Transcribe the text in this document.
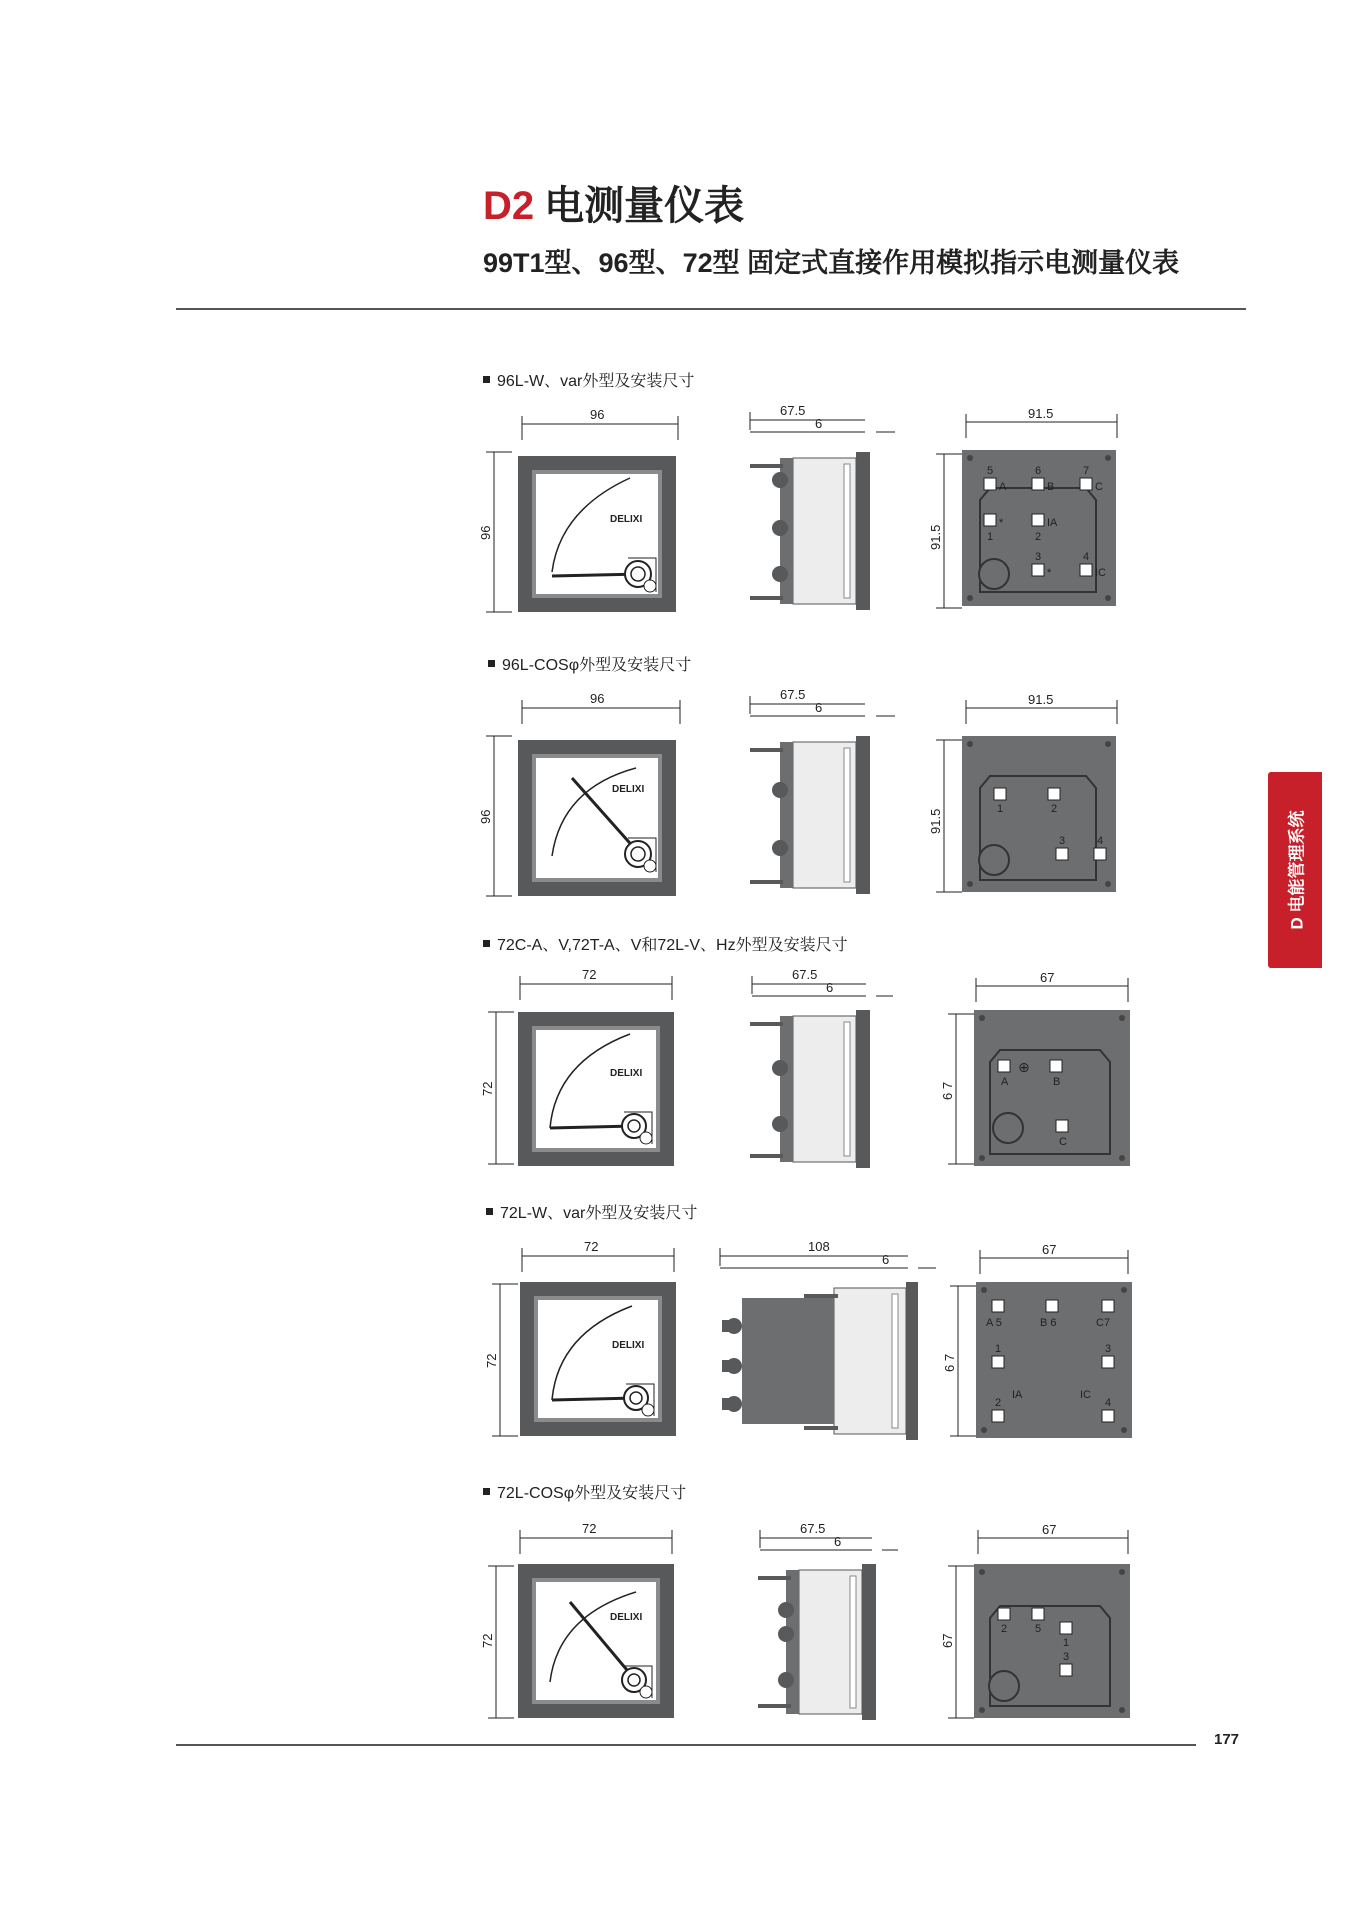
D2 电测量仪表
99T1型、96型、72型 固定式直接作用模拟指示电测量仪表
D 电能管理系统
96L-W、var外型及安装尺寸
96
96
DELIXI
67.5
6
91.5
91.5
5	6	7
A	B	C
1	2
IA
3	4
IC
*
*
96L-COSφ外型及安装尺寸
96
96
DELIXI
67.5
6
91.5
91.5	1	2
3	4
72C-A、V,72T-A、V和72L-V、Hz外型及安装尺寸
72
72
DELIXI
67.5
6
67
6 7
⊕
A	B
C
72L-W、var外型及安装尺寸
72
72
DELIXI
108
6
67
6 7
A 5	B 6	C7
1	3
IA	IC
2	4
72L-COSφ外型及安装尺寸
72
72
DELIXI
67.5
6
67
67
2	5
1
3
177
